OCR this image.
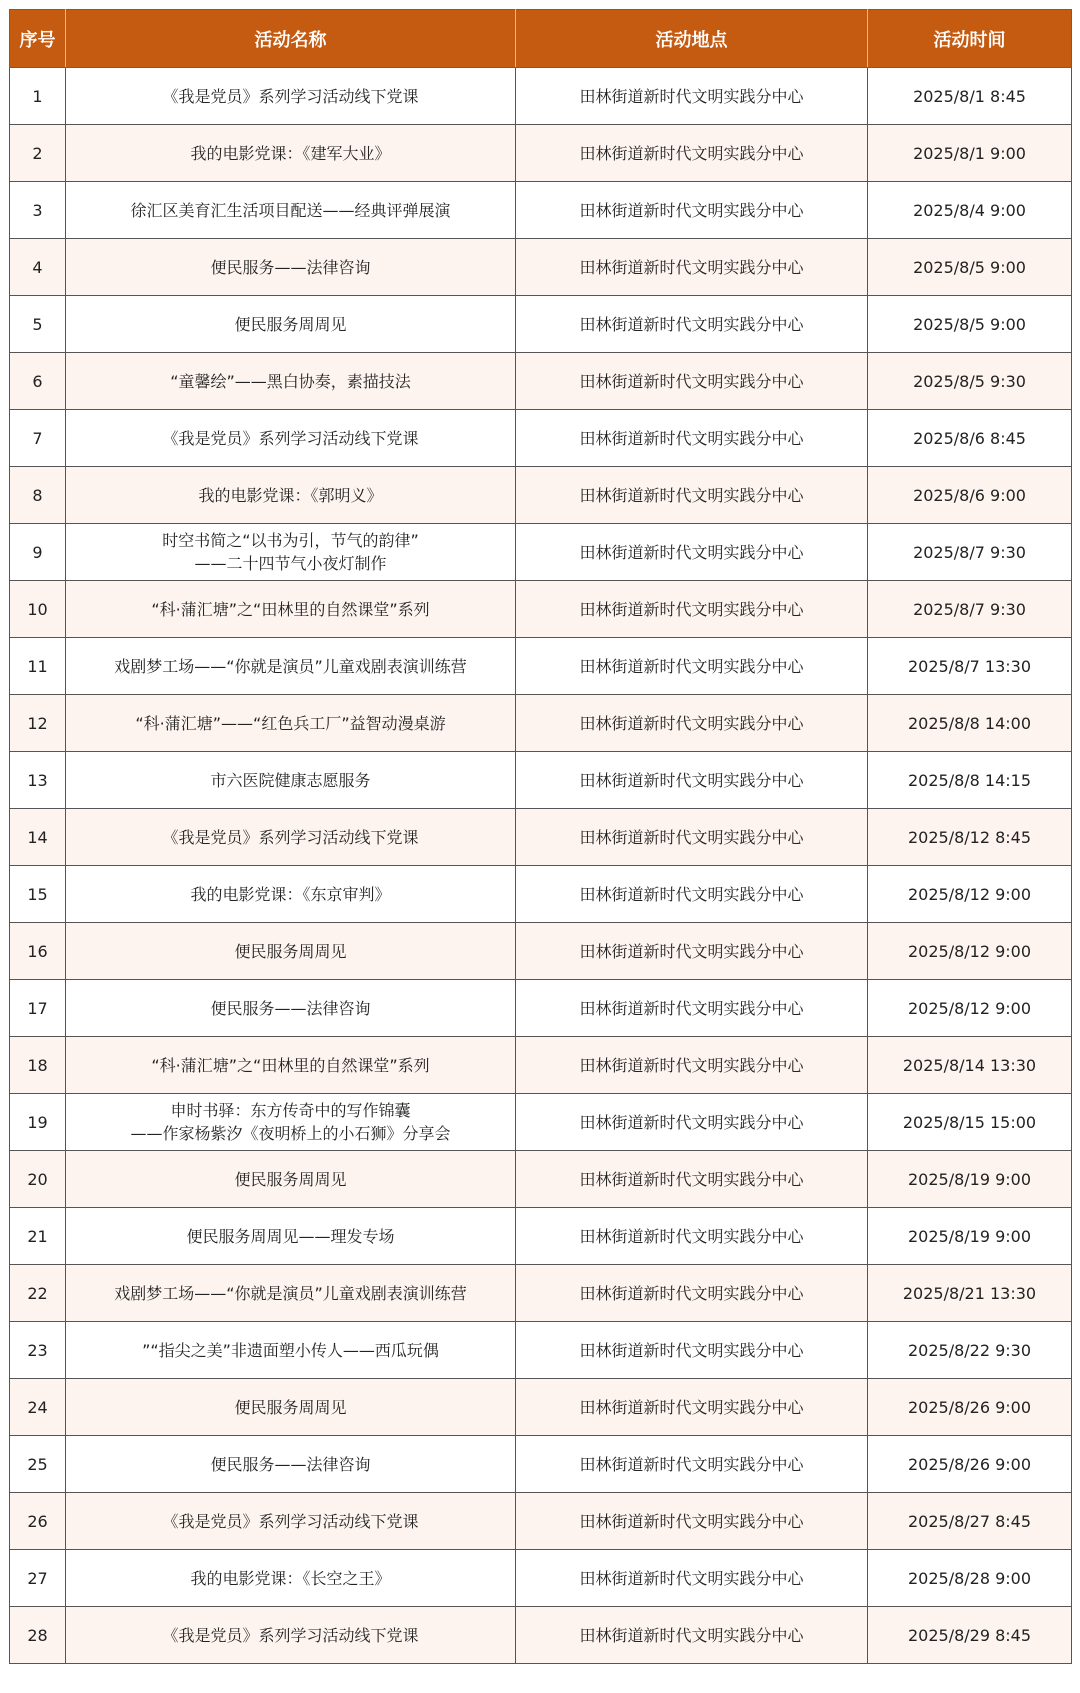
序号	活动名称	活动地点	活动时间
1	《我是党员》系列学习活动线下党课	田林街道新时代文明实践分中心	2025/8/1 8:45
2	我的电影党课：《建军大业》	田林街道新时代文明实践分中心	2025/8/1 9:00
3	徐汇区美育汇生活项目配送——经典评弹展演	田林街道新时代文明实践分中心	2025/8/4 9:00
4	便民服务——法律咨询	田林街道新时代文明实践分中心	2025/8/5 9:00
5	便民服务周周见	田林街道新时代文明实践分中心	2025/8/5 9:00
6	“童馨绘”——黑白协奏，素描技法	田林街道新时代文明实践分中心	2025/8/5 9:30
7	《我是党员》系列学习活动线下党课	田林街道新时代文明实践分中心	2025/8/6 8:45
8	我的电影党课：《郭明义》	田林街道新时代文明实践分中心	2025/8/6 9:00
9	时空书简之“以书为引，节气的韵律”
——二十四节气小夜灯制作	田林街道新时代文明实践分中心	2025/8/7 9:30
10	“科·蒲汇塘”之“田林里的自然课堂”系列	田林街道新时代文明实践分中心	2025/8/7 9:30
11	戏剧梦工场——“你就是演员”儿童戏剧表演训练营	田林街道新时代文明实践分中心	2025/8/7 13:30
12	“科·蒲汇塘”——“红色兵工厂”益智动漫桌游	田林街道新时代文明实践分中心	2025/8/8 14:00
13	市六医院健康志愿服务	田林街道新时代文明实践分中心	2025/8/8 14:15
14	《我是党员》系列学习活动线下党课	田林街道新时代文明实践分中心	2025/8/12 8:45
15	我的电影党课：《东京审判》	田林街道新时代文明实践分中心	2025/8/12 9:00
16	便民服务周周见	田林街道新时代文明实践分中心	2025/8/12 9:00
17	便民服务——法律咨询	田林街道新时代文明实践分中心	2025/8/12 9:00
18	“科·蒲汇塘”之“田林里的自然课堂”系列	田林街道新时代文明实践分中心	2025/8/14 13:30
19	申时书驿：东方传奇中的写作锦囊
——作家杨紫汐《夜明桥上的小石狮》分享会	田林街道新时代文明实践分中心	2025/8/15 15:00
20	便民服务周周见	田林街道新时代文明实践分中心	2025/8/19 9:00
21	便民服务周周见——理发专场	田林街道新时代文明实践分中心	2025/8/19 9:00
22	戏剧梦工场——“你就是演员”儿童戏剧表演训练营	田林街道新时代文明实践分中心	2025/8/21 13:30
23	”“指尖之美”非遗面塑小传人——西瓜玩偶	田林街道新时代文明实践分中心	2025/8/22 9:30
24	便民服务周周见	田林街道新时代文明实践分中心	2025/8/26 9:00
25	便民服务——法律咨询	田林街道新时代文明实践分中心	2025/8/26 9:00
26	《我是党员》系列学习活动线下党课	田林街道新时代文明实践分中心	2025/8/27 8:45
27	我的电影党课：《长空之王》	田林街道新时代文明实践分中心	2025/8/28 9:00
28	《我是党员》系列学习活动线下党课	田林街道新时代文明实践分中心	2025/8/29 8:45
